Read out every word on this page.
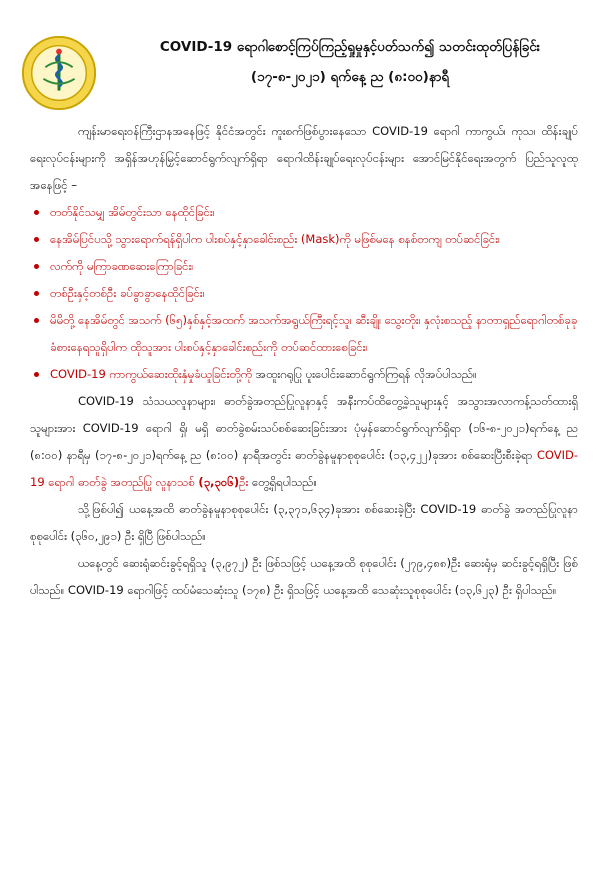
COVID-19 ရောဂါစောင့်ကြပ်ကြည့်ရှုမှုနှင့်ပတ်သက်၍ သတင်းထုတ်ပြန်ခြင်း
(၁၇-၈-၂၀၂၁) ရက်နေ့ ည (၈:၀၀)နာရီ

ကျန်းမာရေးဝန်ကြီးဌာနအနေဖြင့် နိုင်ငံအတွင်း ကူးစက်ဖြစ်ပွားနေသော COVID-19 ရောဂါ ကာကွယ်၊ ကုသ၊ ထိန်းချုပ်ရေးလုပ်ငန်းများကို အရှိန်အဟုန်မြှင့်ဆောင်ရွက်လျက်ရှိရာ ရောဂါထိန်းချုပ်ရေးလုပ်ငန်းများ အောင်မြင်နိုင်ရေးအတွက် ပြည်သူလူထုအနေဖြင့် –

တတ်နိုင်သမျှ အိမ်တွင်းသာ နေထိုင်ခြင်း၊
နေအိမ်ပြင်ပသို့ သွားရောက်ရန်ရှိပါက ပါးစပ်နှင့်နှာခေါင်းစည်း (Mask)ကို မဖြစ်မနေ စနစ်တကျ တပ်ဆင်ခြင်း၊
လက်ကို မကြာခဏဆေးကြောခြင်း၊
တစ်ဦးနှင့်တစ်ဦး ခပ်ခွာခွာနေထိုင်ခြင်း၊
မိမိတို့ နေအိမ်တွင် အသက် (၆၅)နှစ်နှင့်အထက် အသက်အရွယ်ကြီးရင့်သူ၊ ဆီးချို၊ သွေးတိုး၊ နှလုံးစသည့် နာတာရှည်ရောဂါတစ်ခုခု ခံစားနေရသူရှိပါက ထိုသူအား ပါးစပ်နှင့်နှာခေါင်းစည်းကို တပ်ဆင်ထားစေခြင်း၊
COVID-19 ကာကွယ်ဆေးထိုးနှံမှုခံယူခြင်းတို့ကို အထူးဂရုပြု ပူးပေါင်းဆောင်ရွက်ကြရန် လိုအပ်ပါသည်။

COVID-19 သံသယလူနာများ၊ ဓာတ်ခွဲအတည်ပြုလူနာနှင့် အနီးကပ်ထိတွေ့ခဲ့သူများနှင့် အသွားအလာကန့်သတ်ထားရှိသူများအား COVID-19 ရောဂါ ရှိ၊ မရှိ ဓာတ်ခွဲစမ်းသပ်စစ်ဆေးခြင်းအား ပုံမှန်ဆောင်ရွက်လျက်ရှိရာ (၁၆-၈-၂၀၂၁)ရက်နေ့ ည (၈:၀၀) နာရီမှ (၁၇-၈-၂၀၂၁)ရက်နေ့ ည (၈:၀၀) နာရီအတွင်း ဓာတ်ခွဲနမူနာစုစုပေါင်း (၁၃,၄၂၂)ခုအား စစ်ဆေးပြီးစီးခဲ့ရာ COVID-19 ရောဂါ ဓာတ်ခွဲ အတည်ပြု လူနာသစ် (၃,၃၀၆)ဦး တွေ့ရှိရပါသည်။

သို့ဖြစ်ပါ၍ ယနေ့အထိ ဓာတ်ခွဲနမူနာစုစုပေါင်း (၃,၃၇၁,၆၃၄)ခုအား စစ်ဆေးခဲ့ပြီး COVID-19 ဓာတ်ခွဲ အတည်ပြုလူနာ စုစုပေါင်း (၃၆၀,၂၉၁) ဦး ရှိပြီ ဖြစ်ပါသည်။

ယနေ့တွင် ဆေးရုံဆင်းခွင့်ရရှိသူ (၃,၉၇၂) ဦး ဖြစ်သဖြင့် ယနေ့အထိ စုစုပေါင်း (၂၇၉,၄၈၈)ဦး ဆေးရုံမှ ဆင်းခွင့်ရရှိပြီး ဖြစ်ပါသည်။ COVID-19 ရောဂါဖြင့် ထပ်မံသေဆုံးသူ (၁၇၈) ဦး ရှိသဖြင့် ယနေ့အထိ သေဆုံးသူစုစုပေါင်း (၁၃,၆၂၃) ဦး ရှိပါသည်။
